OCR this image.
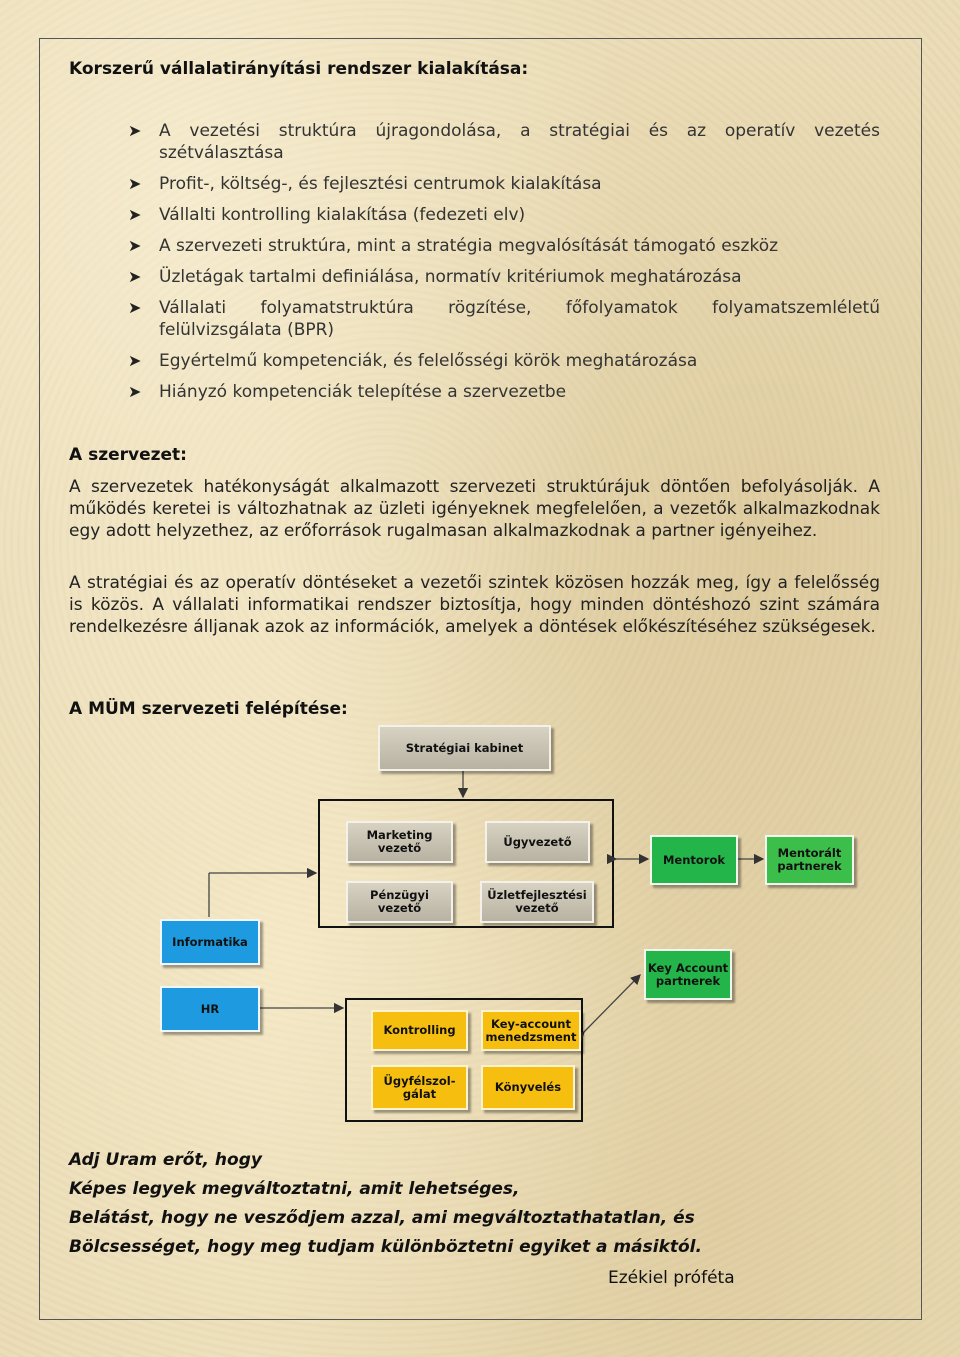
Korszerű vállalatirányítási rendszer kialakítása:
➤ A vezetési struktúra újragondolása, a stratégiai és az operatív vezetés szétválasztása
➤ Profit-, költség-, és fejlesztési centrumok kialakítása
➤ Vállalti kontrolling kialakítása (fedezeti elv)
➤ A szervezeti struktúra, mint a stratégia megvalósítását támogató eszköz
➤ Üzletágak tartalmi definiálása, normatív kritériumok meghatározása
➤ Vállalati folyamatstruktúra rögzítése, főfolyamatok folyamatszemléletű felülvizsgálata (BPR)
➤ Egyértelmű kompetenciák, és felelősségi körök meghatározása
➤ Hiányzó kompetenciák telepítése a szervezetbe
A szervezet:
A szervezetek hatékonyságát alkalmazott szervezeti struktúrájuk döntően befolyásolják. A működés keretei is változhatnak az üzleti igényeknek megfelelően, a vezetők alkalmazkodnak egy adott helyzethez, az erőforrások rugalmasan alkalmazkodnak a partner igényeihez.
A stratégiai és az operatív döntéseket a vezetői szintek közösen hozzák meg, így a felelősség is közös. A vállalati informatikai rendszer biztosítja, hogy minden döntéshozó szint számára rendelkezésre álljanak azok az információk, amelyek a döntések előkészítéséhez szükségesek.
A MÜM szervezeti felépítése:
Stratégiai kabinet
Marketing vezető	Ügyvezető
Pénzügyi vezető
Üzletfejlesztési vezető
Mentorok	Mentorált partnerek
Informatika
HR
Key Account partnerek
Kontrolling	Key-account menedzsment
Ügyfélszol- gálat	Könyvelés
Adj Uram erőt, hogy
Képes legyek megváltoztatni, amit lehetséges,
Belátást, hogy ne vesződjem azzal, ami megváltoztathatatlan, és
Bölcsességet, hogy meg tudjam különböztetni egyiket a másiktól.
Ezékiel próféta
